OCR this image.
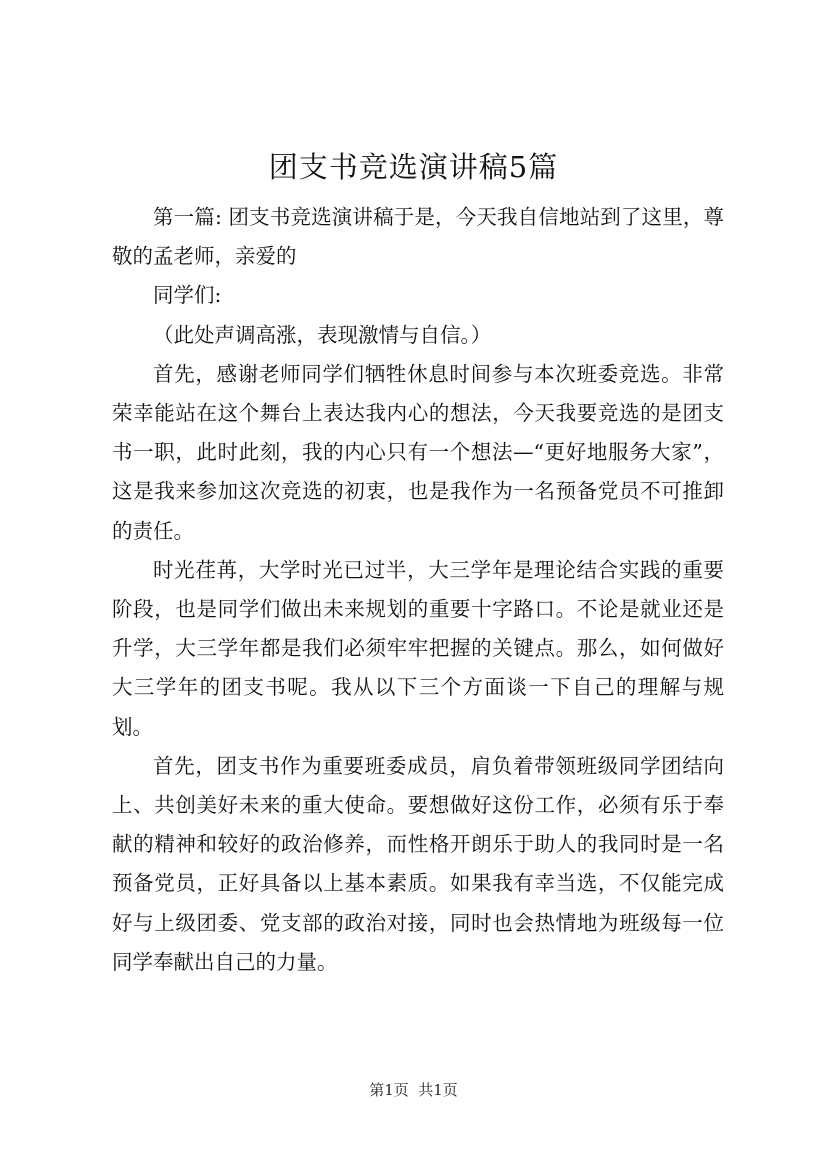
团支书竞选演讲稿5篇

第一篇: 团支书竞选演讲稿于是，今天我自信地站到了这里，尊敬的孟老师，亲爱的

同学们:

（此处声调高涨，表现激情与自信。）

首先，感谢老师同学们牺牲休息时间参与本次班委竞选。非常荣幸能站在这个舞台上表达我内心的想法，今天我要竞选的是团支书一职，此时此刻，我的内心只有一个想法—“更好地服务大家”，这是我来参加这次竞选的初衷，也是我作为一名预备党员不可推卸的责任。

时光荏苒，大学时光已过半，大三学年是理论结合实践的重要阶段，也是同学们做出未来规划的重要十字路口。不论是就业还是升学，大三学年都是我们必须牢牢把握的关键点。那么，如何做好大三学年的团支书呢。我从以下三个方面谈一下自己的理解与规划。

首先，团支书作为重要班委成员，肩负着带领班级同学团结向上、共创美好未来的重大使命。要想做好这份工作，必须有乐于奉献的精神和较好的政治修养，而性格开朗乐于助人的我同时是一名预备党员，正好具备以上基本素质。如果我有幸当选，不仅能完成好与上级团委、党支部的政治对接，同时也会热情地为班级每一位同学奉献出自己的力量。

第1页  共1页
